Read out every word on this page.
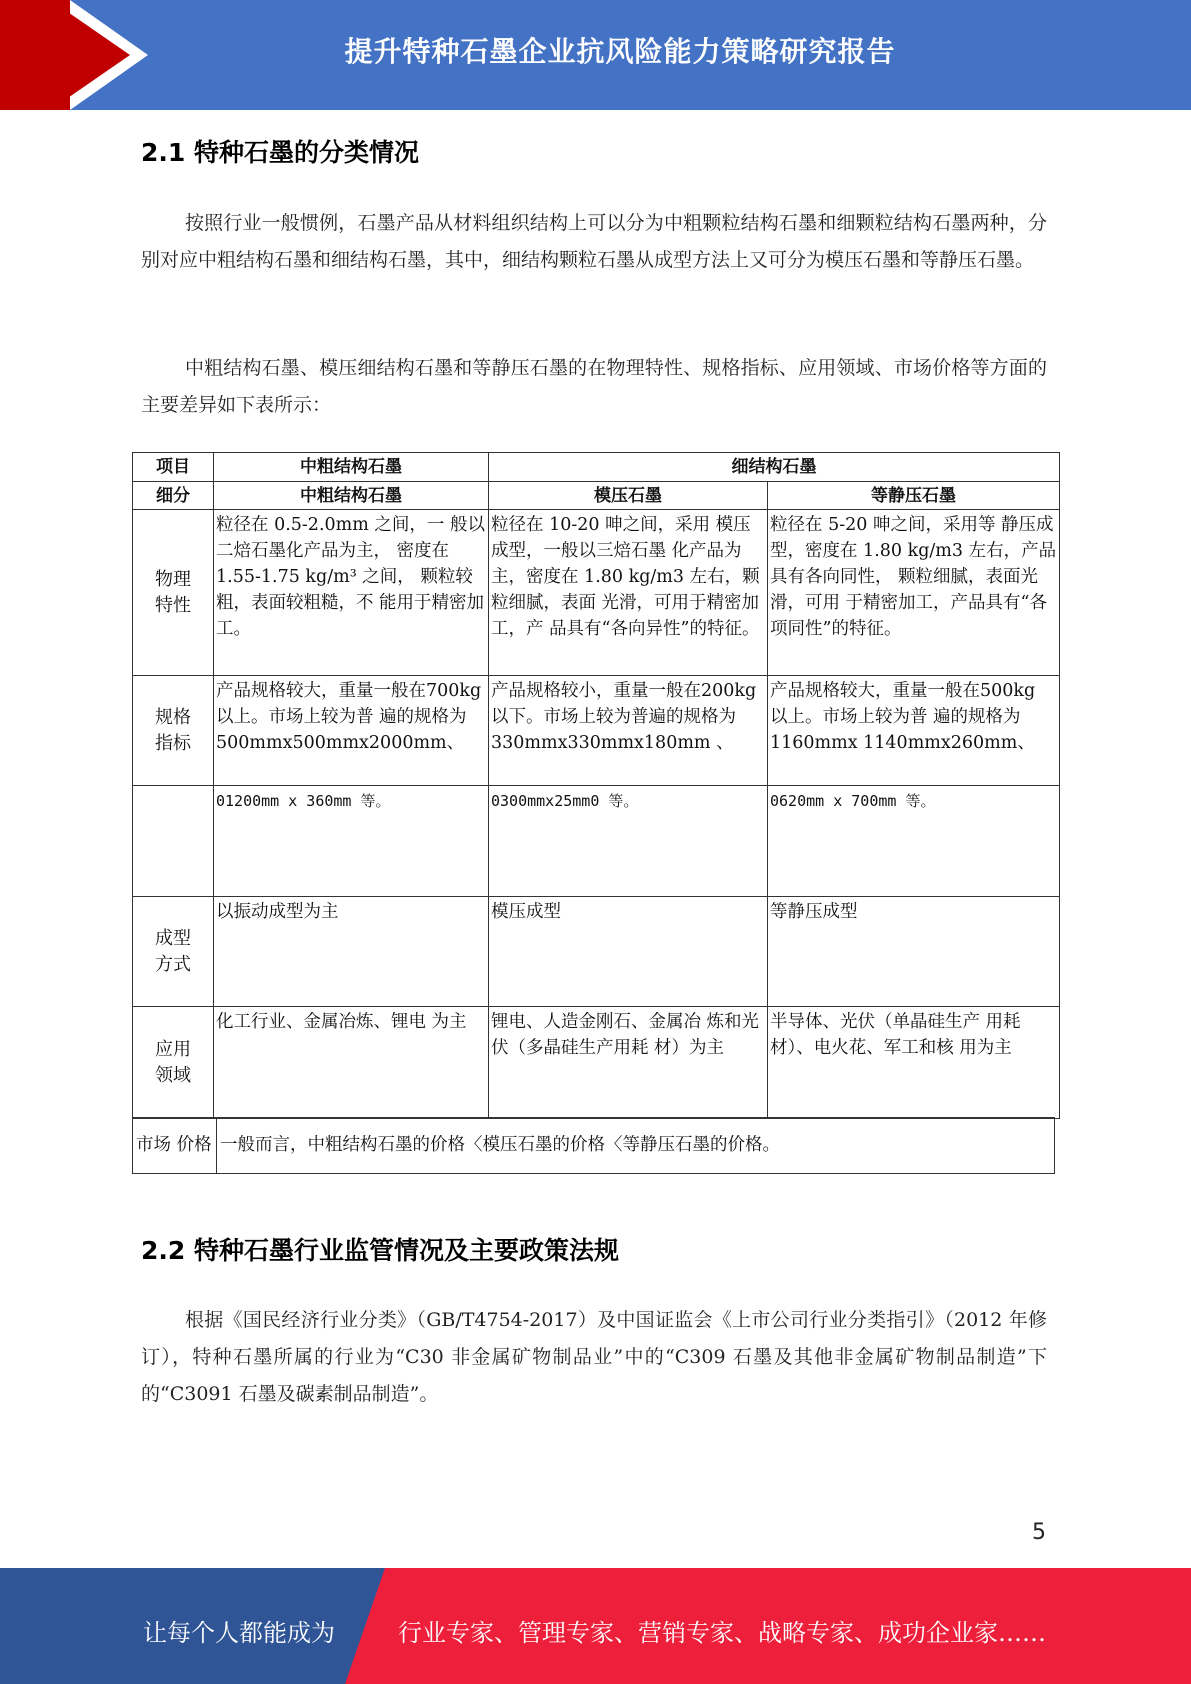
提升特种石墨企业抗风险能力策略研究报告
2.1 特种石墨的分类情况

按照行业一般惯例，石墨产品从材料组织结构上可以分为中粗颗粒结构石墨和细颗粒结构石墨两种，分别对应中粗结构石墨和细结构石墨，其中，细结构颗粒石墨从成型方法上又可分为模压石墨和等静压石墨。

中粗结构石墨、模压细结构石墨和等静压石墨的在物理特性、规格指标、应用领域、市场价格等方面的主要差异如下表所示：

项目	中粗结构石墨	细结构石墨	
细分	中粗结构石墨	模压石墨	等静压石墨
物理
特性	粒径在 0.5-2.0mm 之间，一 般以二焙石墨化产品为主， 密度在 1.55-1.75 kg/m³ 之间， 颗粒较粗，表面较粗糙，不 能用于精密加工。	粒径在 10-20 呻之间，采用 模压成型，一般以三焙石墨 化产品为主，密度在 1.80 kg/m3 左右，颗粒细腻，表面 光滑，可用于精密加工，产 品具有“各向异性”的特征。	粒径在 5-20 呻之间，采用等 静压成型，密度在 1.80 kg/m3 左右，产品具有各向同性， 颗粒细腻，表面光滑，可用 于精密加工，产品具有“各 项同性”的特征。
规格
指标	产品规格较大，重量一般在700kg 以上。市场上较为普 遍的规格为500mmx500mmx2000mm、	产品规格较小，重量一般在200kg 以下。市场上较为普遍的规格为330mmx330mmx180mm 、	产品规格较大，重量一般在500kg 以上。市场上较为普 遍的规格为 1160mmx 1140mmx260mm、
	01200mm x 360mm 等。	0300mmx25mm0 等。	0620mm x 700mm 等。
成型
方式	以振动成型为主	模压成型	等静压成型
应用
领域	化工行业、金属冶炼、锂电 为主	锂电、人造金刚石、金属冶 炼和光伏（多晶硅生产用耗 材）为主	半导体、光伏（单晶硅生产 用耗材）、电火花、军工和核 用为主
市场 价格	一般而言，中粗结构石墨的价格〈模压石墨的价格〈等静压石墨的价格。
2.2 特种石墨行业监管情况及主要政策法规

根据《国民经济行业分类》（GB/T4754-2017）及中国证监会《上市公司行业分类指引》（2012 年修订），特种石墨所属的行业为“C30 非金属矿物制品业”中的“C309 石墨及其他非金属矿物制品制造”下的“C3091 石墨及碳素制品制造”。

5
让每个人都能成为	行业专家、管理专家、营销专家、战略专家、成功企业家……
